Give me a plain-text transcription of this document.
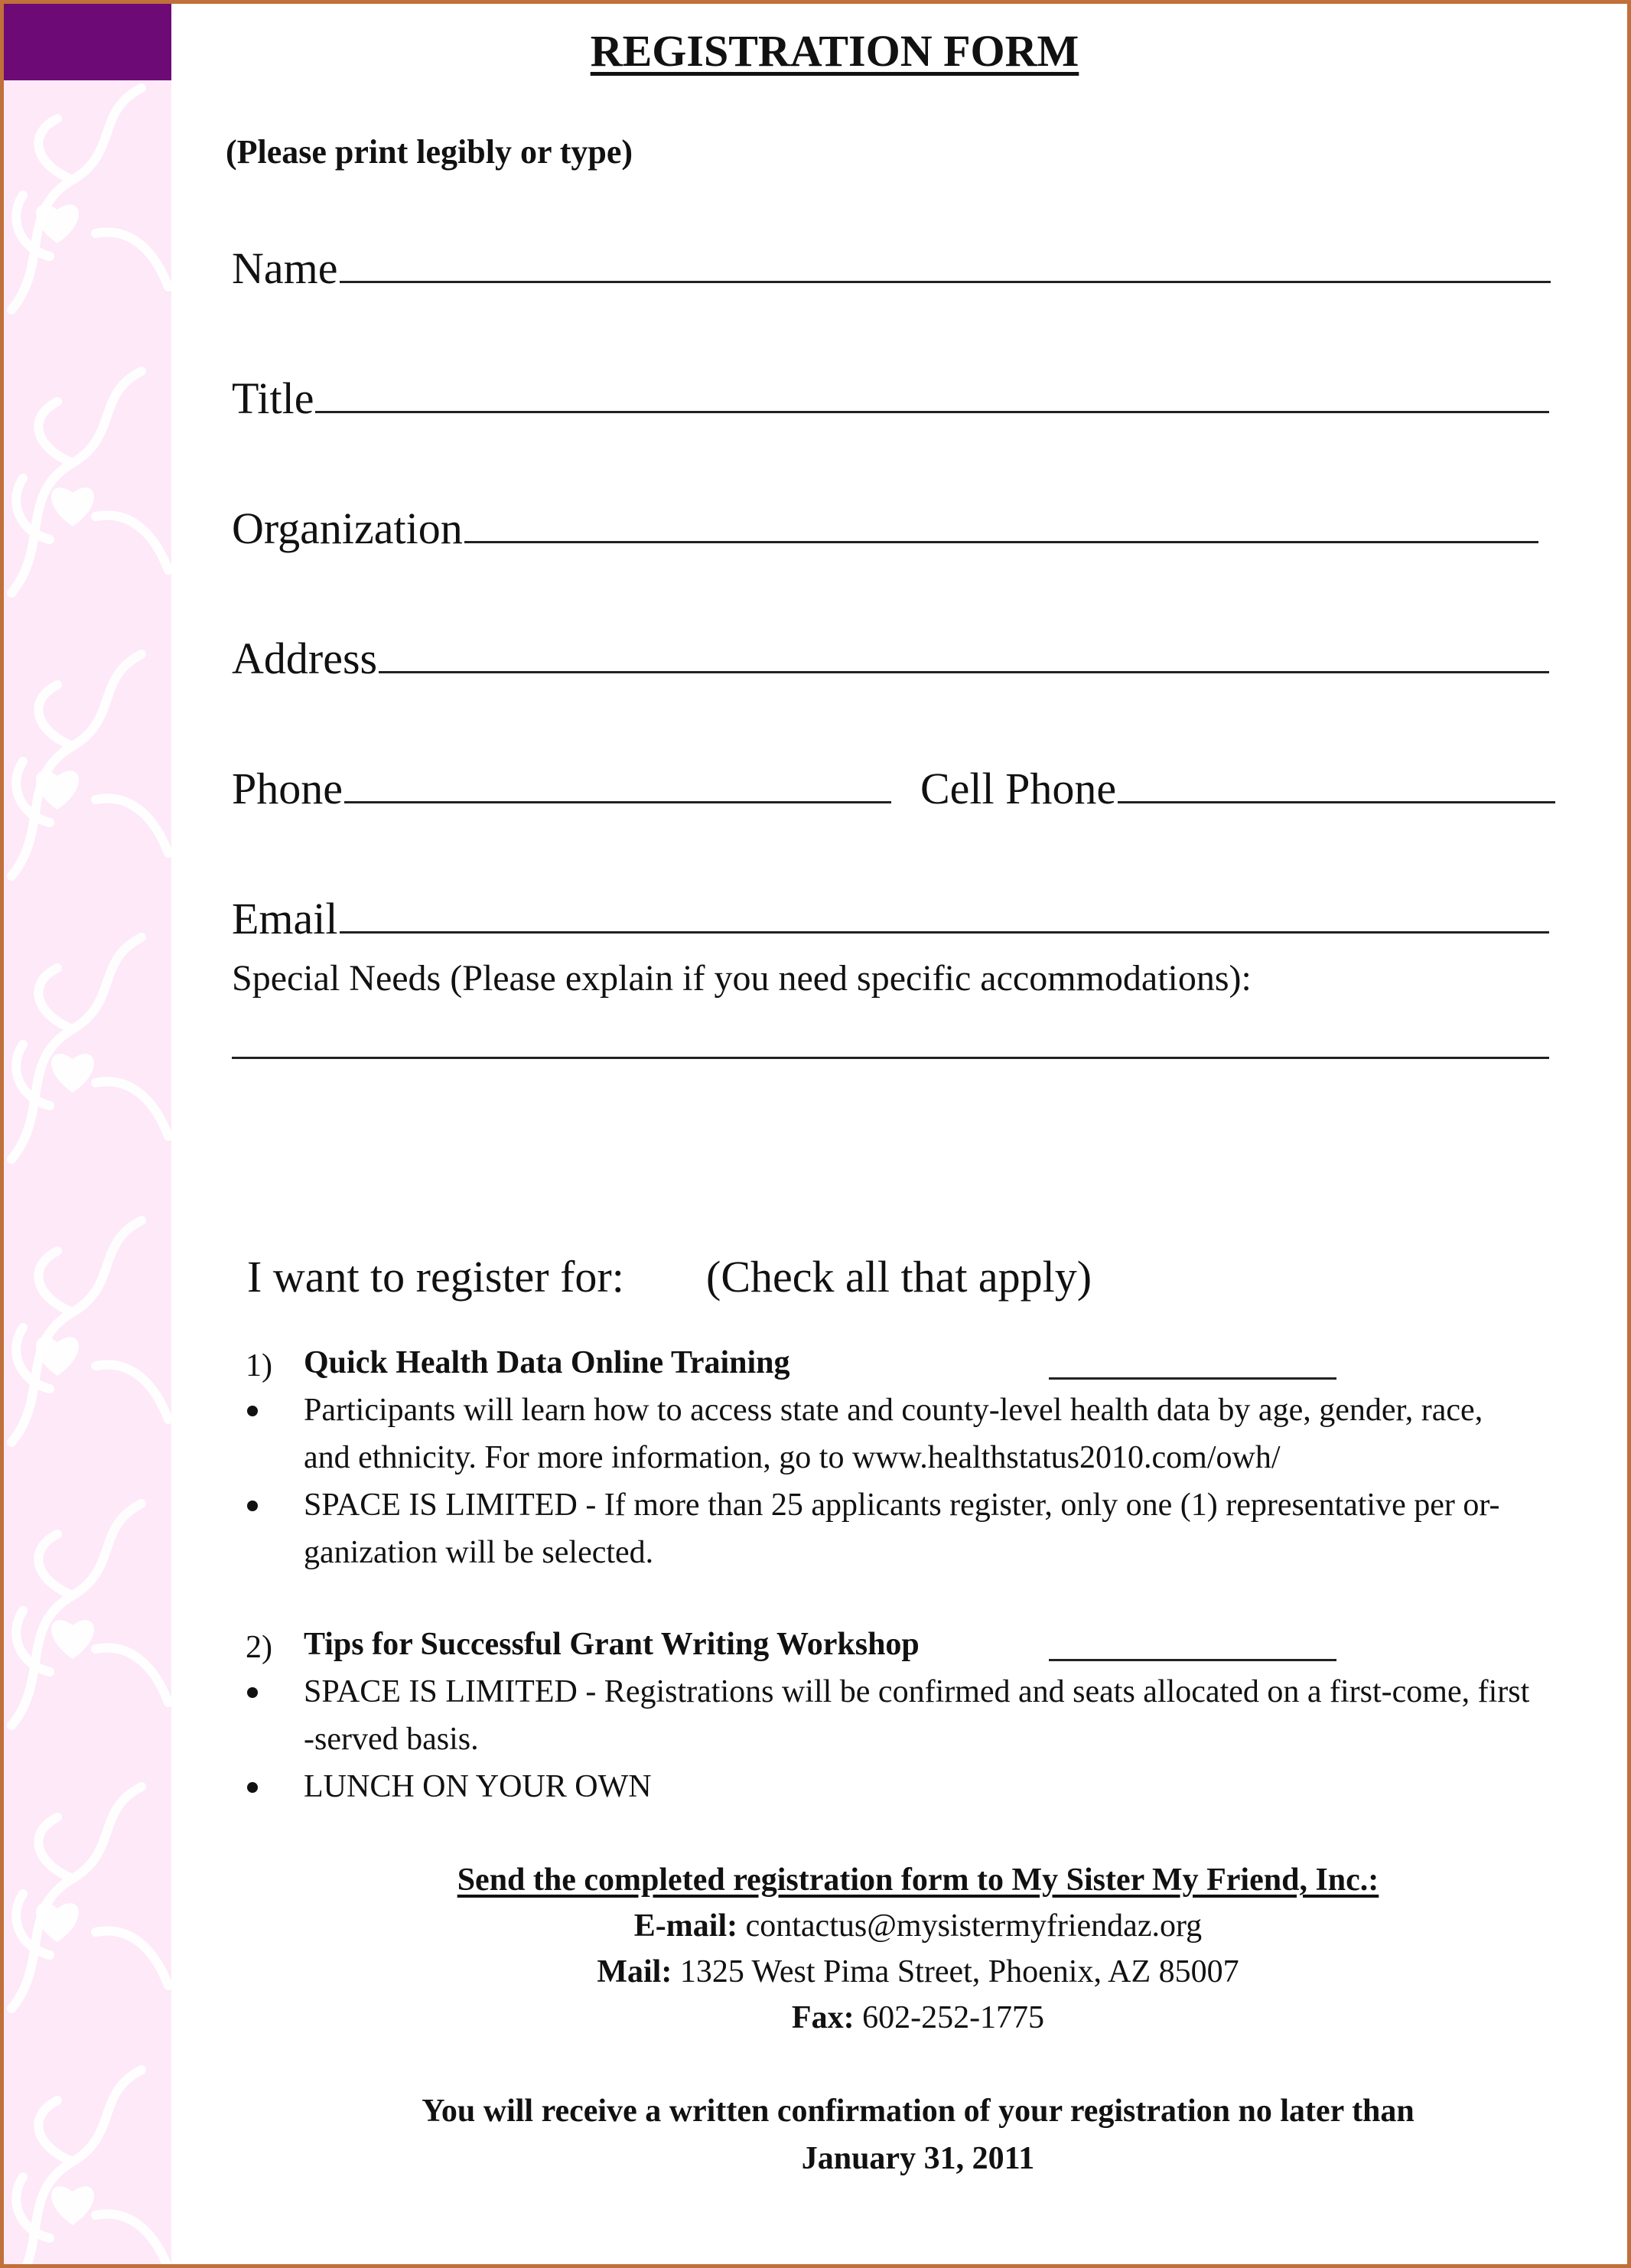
REGISTRATION FORM
(Please print legibly or type)
Name
Title
Organization
Address
Phone	Cell Phone
Email
Special Needs (Please explain if you need specific accommodations):
I want to register for: (Check all that apply)
1) Quick Health Data Online Training
Participants will learn how to access state and county-level health data by age, gender, race,
and ethnicity. For more information, go to www.healthstatus2010.com/owh/
SPACE IS LIMITED - If more than 25 applicants register, only one (1) representative per or-
ganization will be selected.
2) Tips for Successful Grant Writing Workshop
SPACE IS LIMITED - Registrations will be confirmed and seats allocated on a first-come, first
-served basis.
LUNCH ON YOUR OWN
Send the completed registration form to My Sister My Friend, Inc.:
E-mail: contactus@mysistermyfriendaz.org
Mail: 1325 West Pima Street, Phoenix, AZ 85007
Fax: 602-252-1775
You will receive a written confirmation of your registration no later than
January 31, 2011
